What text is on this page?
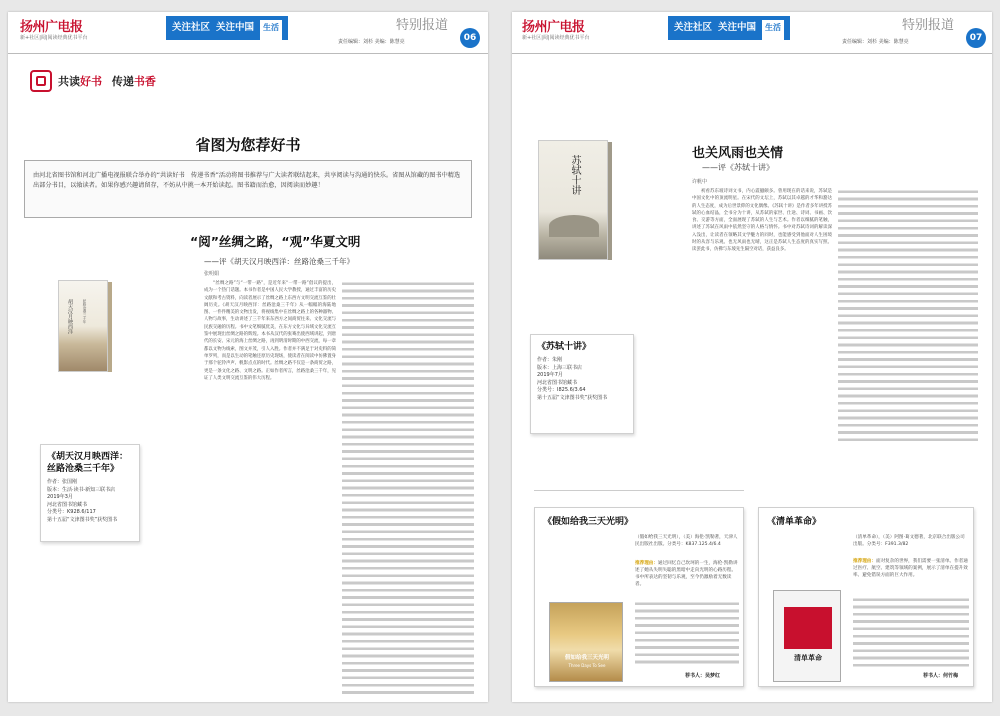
扬州广电报
新+社区|阅|阅读经典优书平台
关注社区 关注中国	生活	特别报道
责任编辑：刘杉 美编：陈慧亮	06
共读好书 传递书香
省图为您荐好书
由河北省图书馆和河北广播电视报联合举办的“共读好书　传递书香”活动将图书推荐与广大读者联结起来，共享阅读与沟通的快乐。省图从馆藏的图书中精选出部分书目，以飨读者。如果你感兴趣请留存，不妨从中挑一本开始读起。图书籍而治愈，因阅读而妙趣！
胡天汉月映西洋	丝路沧桑三千年
《胡天汉月映西洋：丝路沧桑三千年》
作者：张国刚
版本：生活·读书·新知三联书店
2019年3月
河北省图书馆藏书
分类号：K928.6/117
第十五届“文津图书奖”获奖图书
“阅”丝绸之路，“观”华夏文明
——评《胡天汉月映西洋：丝路沧桑三千年》
张明娟
“丝绸之路”与“一带一路”，是近年来“一带一路”倡议的提出，成为一个热门话题。本书作者是中国人民大学教授，通过丰富的历史文献和考古资料，向读者展示了丝绸之路上东西方文明交流互鉴的壮阔历史。《胡天汉月映西洋：丝路沧桑三千年》从一幅幅的海陆地图、一件件精美的文物出发，将视线集中在丝绸之路上的各种器物、人物与故事，生动讲述了三千年来东西方之间商贸往来、文化交流与民族交融的历程。书中文笔细腻优美，在东方文化与异域文化交流互鉴中展现出丝绸之路的辉煌。本书从汉代的张骞出使西域讲起，到唐代的长安、宋元的海上丝绸之路，再到明清时期的中西交流，每一章都以文物为线索，图文并茂，引人入胜。作者并不满足于对史料的简单罗列，而是以生动的笔触还原历史现场，使读者在阅读中仿佛置身于那个驼铃声声、帆影点点的时代。丝绸之路不仅是一条商贸之路，更是一条文化之路、文明之路。正如作者所言，丝路沧桑三千年，见证了人类文明交流互鉴的伟大历程。
扬州广电报
新+社区|阅|阅读经典优书平台
关注社区 关注中国	生活	特别报道
责任编辑：刘杉 美编：陈慧亮	07
苏轼十讲
《苏轼十讲》
作者：朱刚
版本：上海三联书店
2019年7月
河北省图书馆藏书
分类号：I825.6/3.64
第十五届“文津图书奖”获奖图书
也关风雨也关情
——评《苏轼十讲》
许帆中
初看苏东坡诗词文书，内心震撼颇多。曾用现在的话来说，苏轼是中国文化中的顶流明星。在宋代的文坛上，苏轼以其卓越的才华和豁达的人生态度，成为后世景仰的文化偶像。《苏轼十讲》是作者多年讲授苏轼的心血结晶，全书分为十讲，从苏轼的家世、仕途、诗词、书画、饮食、交游等方面，全面展现了苏轼的人生与艺术。作者以细腻的笔触，讲述了苏轼在风雨中依然坚守的人格与情怀。书中对苏轼诗词的解读深入浅出，让读者在领略其文学魅力的同时，也能感受到他面对人生困境时的从容与乐观。也无风雨也无晴，这正是苏轼人生态度的真实写照。读罢此书，仿佛与东坡先生隔空对话，获益良多。
《假如给我三天光明》
（假如给我三天光明），（美）海伦·凯勒著，天津人民出版社出版。分类号：K837.125.4/6.4
推荐理由：通过回忆自己坎坷的一生，海伦·凯勒讲述了她从失明失聪的黑暗中走向光明的心路历程。书中所表达的坚韧与乐观，至今仍激励着无数读者。
荐书人：吴梦红
假如给我三天光明
Three Days To See
《清单革命》
（清单革命），（美）阿图·葛文德著，北京联合出版公司出版。分类号：F391.3/82
推荐理由：面对复杂的世界，我们需要一张清单。作者通过医疗、航空、建筑等领域的案例，展示了清单在提升效率、避免错误方面的巨大作用。
荐书人：何竹梅
清单革命
